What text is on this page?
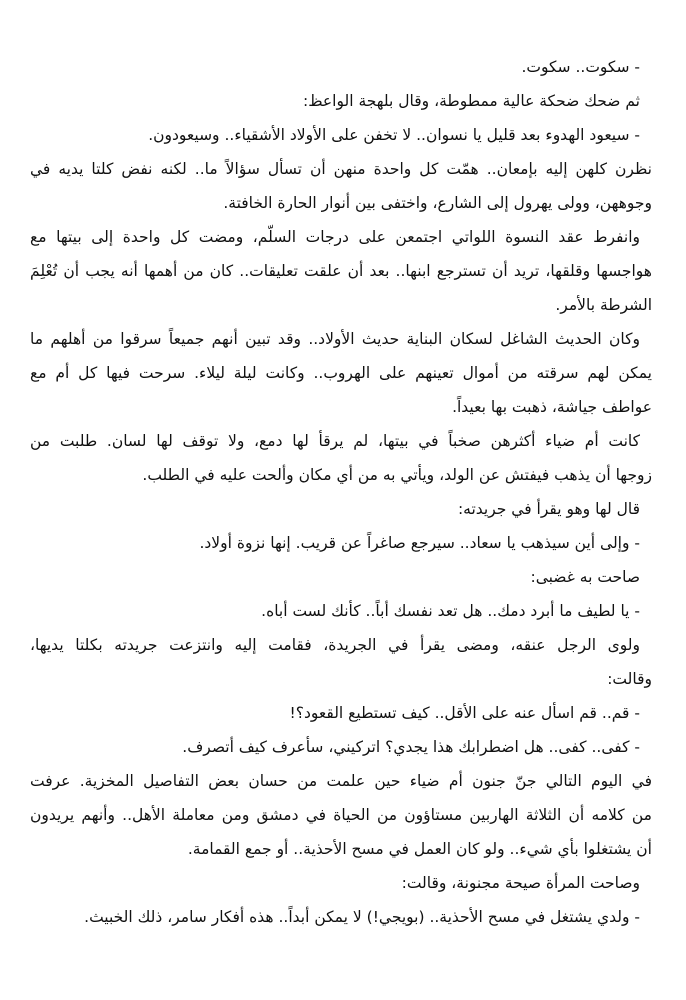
- سكوت.. سكوت.
ثم ضحك ضحكة عالية ممطوطة، وقال بلهجة الواعظ:
- سيعود الهدوء بعد قليل يا نسوان.. لا تخفن على الأولاد الأشقياء.. وسيعودون.
نظرن كلهن إليه بإمعان.. همّت كل واحدة منهن أن تسأل سؤالاً ما.. لكنه نفض كلتا يديه في
وجوههن، وولى يهرول إلى الشارع، واختفى بين أنوار الحارة الخافتة.
وانفرط عقد النسوة اللواتي اجتمعن على درجات السلّم، ومضت كل واحدة إلى بيتها مع
هواجسها وقلقها، تريد أن تسترجع ابنها.. بعد أن علقت تعليقات.. كان من أهمها أنه يجب أن تُعْلِمَ
الشرطة بالأمر.
وكان الحديث الشاغل لسكان البناية حديث الأولاد.. وقد تبين أنهم جميعاً سرقوا من أهلهم ما
يمكن لهم سرقته من أموال تعينهم على الهروب.. وكانت ليلة ليلاء. سرحت فيها كل أم مع
عواطف جياشة، ذهبت بها بعيداً.
كانت أم ضياء أكثرهن صخباً في بيتها، لم يرقأ لها دمع، ولا توقف لها لسان. طلبت من
زوجها أن يذهب فيفتش عن الولد، ويأتي به من أي مكان وألحت عليه في الطلب.
قال لها وهو يقرأ في جريدته:
- وإلى أين سيذهب يا سعاد.. سيرجع صاغراً عن قريب. إنها نزوة أولاد.
صاحت به غضبى:
- يا لطيف ما أبرد دمك.. هل تعد نفسك أباً.. كأنك لست أباه.
ولوى الرجل عنقه، ومضى يقرأ في الجريدة، فقامت إليه وانتزعت جريدته بكلتا يديها،
وقالت:
- قم.. قم اسأل عنه على الأقل.. كيف تستطيع القعود؟!
- كفى.. كفى.. هل اضطرابك هذا يجدي؟ اتركيني، سأعرف كيف أتصرف.
في اليوم التالي جنّ جنون أم ضياء حين علمت من حسان بعض التفاصيل المخزية. عرفت
من كلامه أن الثلاثة الهاربين مستاؤون من الحياة في دمشق ومن معاملة الأهل.. وأنهم يريدون
أن يشتغلوا بأي شيء.. ولو كان العمل في مسح الأحذية.. أو جمع القمامة.
وصاحت المرأة صيحة مجنونة، وقالت:
- ولدي يشتغل في مسح الأحذية.. (بويجي!) لا يمكن أبداً.. هذه أفكار سامر، ذلك الخبيث.
